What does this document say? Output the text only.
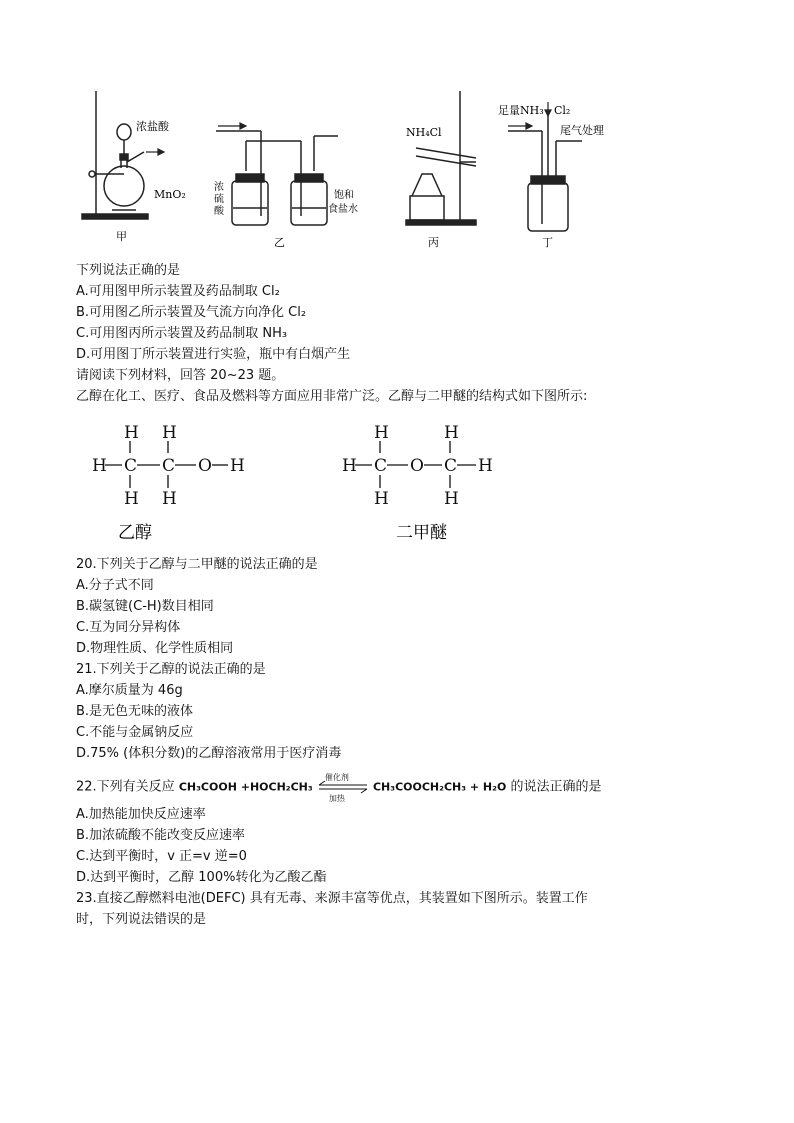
浓盐酸
MnO₂
甲	乙
NH₄Cl
丙
足量NH₃ Cl₂
尾气处理
丁
浓硫酸
饱和食盐水
下列说法正确的是
A.可用图甲所示装置及药品制取 Cl₂
B.可用图乙所示装置及气流方向净化 Cl₂
C.可用图丙所示装置及药品制取 NH₃
D.可用图丁所示装置进行实验，瓶中有白烟产生
请阅读下列材料，回答 20~23 题。
乙醇在化工、医疗、食品及燃料等方面应用非常广泛。乙醇与二甲醚的结构式如下图所示:
H H
H C C O H
H H
H	H
H C O C H
H	H
乙醇	二甲醚
20.下列关于乙醇与二甲醚的说法正确的是
A.分子式不同
B.碳氢键(C-H)数目相同
C.互为同分异构体
D.物理性质、化学性质相同
21.下列关于乙醇的说法正确的是
A.摩尔质量为 46g
B.是无色无味的液体
C.不能与金属钠反应
D.75% (体积分数)的乙醇溶液常用于医疗消毒
22.下列有关反应 CH₃COOH +HOCH₂CH₃
催化剂
加热
CH₃COOCH₂CH₃ + H₂O 的说法正确的是
A.加热能加快反应速率
B.加浓硫酸不能改变反应速率
C.达到平衡时，v 正=v 逆=0
D.达到平衡时，乙醇 100%转化为乙酸乙酯
23.直接乙醇燃料电池(DEFC) 具有无毒、来源丰富等优点，其装置如下图所示。装置工作
时，下列说法错误的是
